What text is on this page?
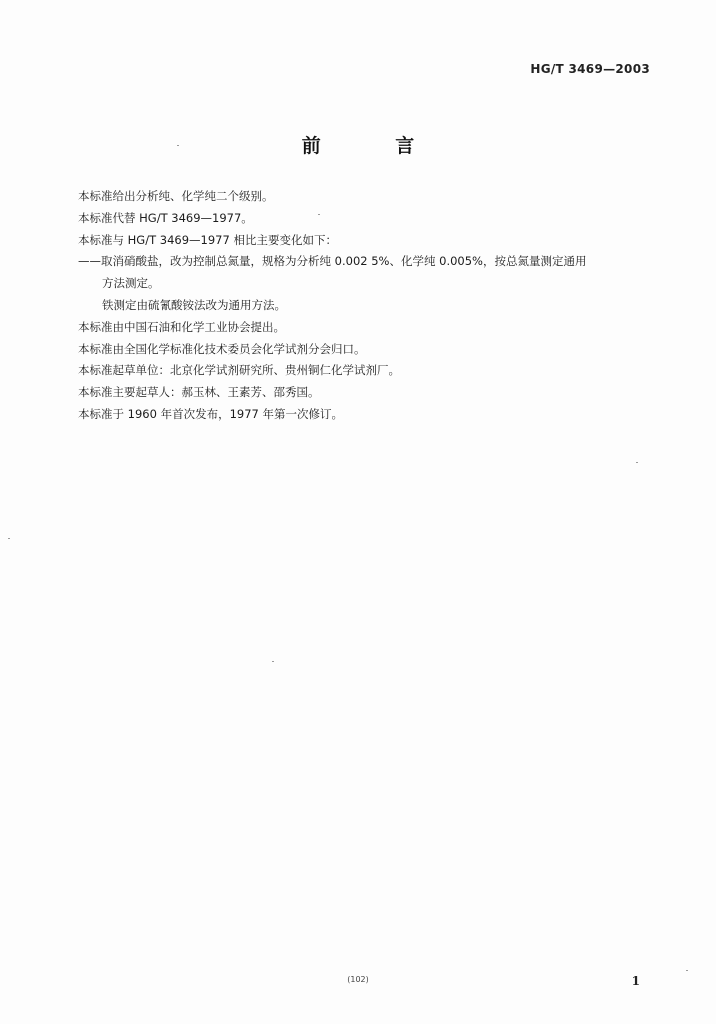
HG/T 3469—2003
前 言
本标准给出分析纯、化学纯二个级别。
本标准代替 HG/T 3469—1977。
本标准与 HG/T 3469—1977 相比主要变化如下：
——取消硝酸盐，改为控制总氮量，规格为分析纯 0.002 5%、化学纯 0.005%，按总氮量测定通用
方法测定。
铁测定由硫氰酸铵法改为通用方法。
本标准由中国石油和化学工业协会提出。
本标准由全国化学标准化技术委员会化学试剂分会归口。
本标准起草单位：北京化学试剂研究所、贵州铜仁化学试剂厂。
本标准主要起草人：郝玉林、王素芳、邵秀国。
本标准于 1960 年首次发布，1977 年第一次修订。
(102)	1
